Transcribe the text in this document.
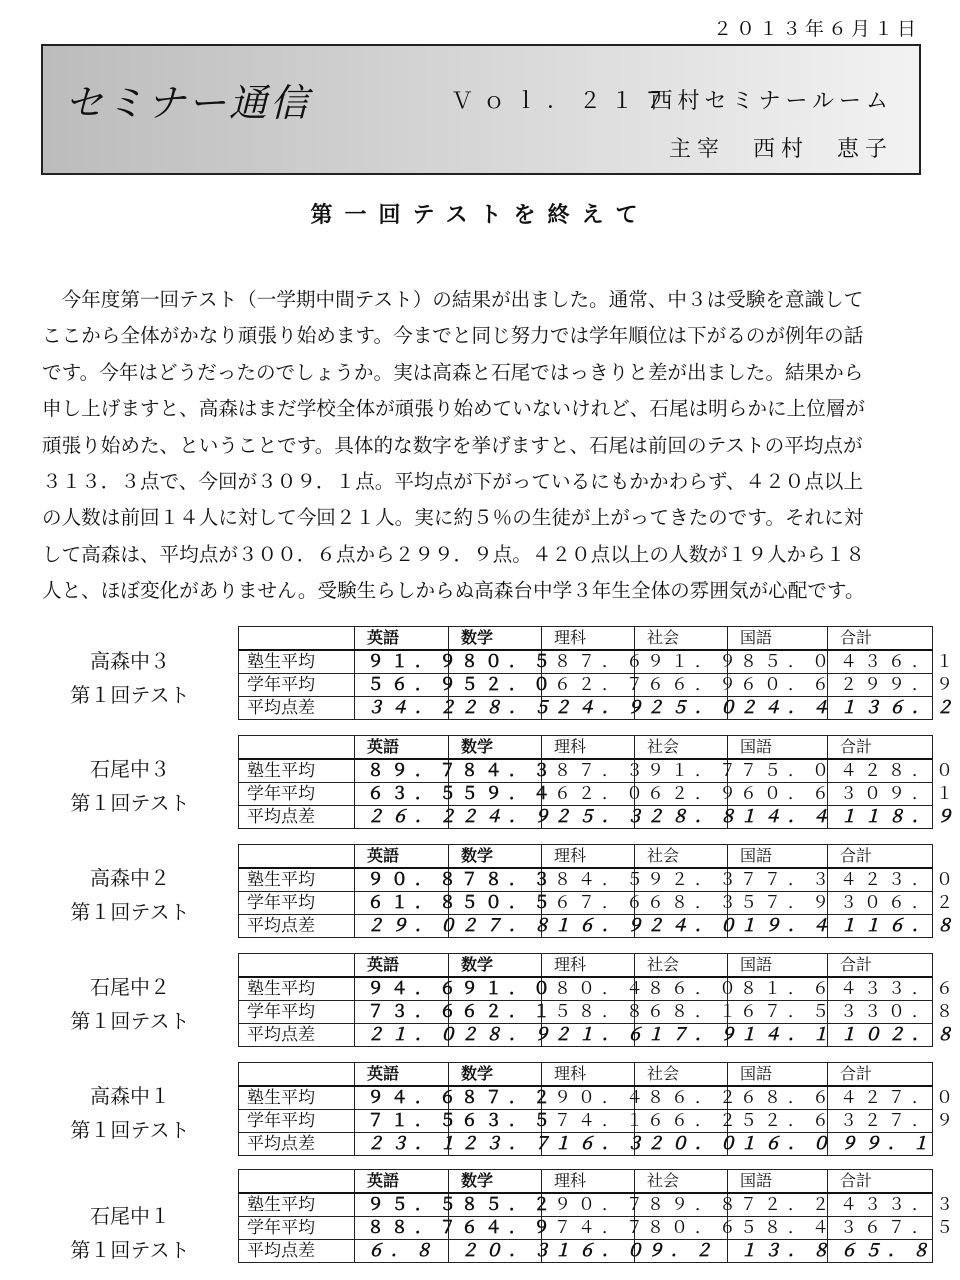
２０１３年６月１日
セミナー通信	Ｖｏｌ．２１７
西村セミナールーム
主宰　西村　恵子
第一回テストを終えて
　今年度第一回テスト（一学期中間テスト）の結果が出ました。通常、中３は受験を意識して
ここから全体がかなり頑張り始めます。今までと同じ努力では学年順位は下がるのが例年の話
です。今年はどうだったのでしょうか。実は高森と石尾ではっきりと差が出ました。結果から
申し上げますと、高森はまだ学校全体が頑張り始めていないけれど、石尾は明らかに上位層が
頑張り始めた、ということです。具体的な数字を挙げますと、石尾は前回のテストの平均点が
３１３．３点で、今回が３０９．１点。平均点が下がっているにもかかわらず、４２０点以上
の人数は前回１４人に対して今回２１人。実に約５％の生徒が上がってきたのです。それに対
して高森は、平均点が３００．６点から２９９．９点。４２０点以上の人数が１９人から１８
人と、ほぼ変化がありません。受験生らしからぬ高森台中学３年生全体の雰囲気が心配です。
高森中３
第１回テスト
	英語	数学	理科	社会	国語	合計
塾生平均	９１．９	８０．５	８７．６	９１．９	８５．０	４３６．１
学年平均	５６．９	５２．０	６２．７	６６．９	６０．６	２９９．９
平均点差	３４．２	２８．５	２４．９	２５．０	２４．４	１３６．２
石尾中３
第１回テスト
	英語	数学	理科	社会	国語	合計
塾生平均	８９．７	８４．３	８７．３	９１．７	７５．０	４２８．０
学年平均	６３．５	５９．４	６２．０	６２．９	６０．６	３０９．１
平均点差	２６．２	２４．９	２５．３	２８．８	１４．４	１１８．９
高森中２
第１回テスト
	英語	数学	理科	社会	国語	合計
塾生平均	９０．８	７８．３	８４．５	９２．３	７７．３	４２３．０
学年平均	６１．８	５０．５	６７．６	６８．３	５７．９	３０６．２
平均点差	２９．０	２７．８	１６．９	２４．０	１９．４	１１６．８
石尾中２
第１回テスト
	英語	数学	理科	社会	国語	合計
塾生平均	９４．６	９１．０	８０．４	８６．０	８１．６	４３３．６
学年平均	７３．６	６２．１	５８．８	６８．１	６７．５	３３０．８
平均点差	２１．０	２８．９	２１．６	１７．９	１４．１	１０２．８
高森中１
第１回テスト
	英語	数学	理科	社会	国語	合計
塾生平均	９４．６	８７．２	９０．４	８６．２	６８．６	４２７．０
学年平均	７１．５	６３．５	７４．１	６６．２	５２．６	３２７．９
平均点差	２３．１	２３．７	１６．３	２０．０	１６．０	９９．１
石尾中１
第１回テスト
	英語	数学	理科	社会	国語	合計
塾生平均	９５．５	８５．２	９０．７	８９．８	７２．２	４３３．３
学年平均	８８．７	６４．９	７４．７	８０．６	５８．４	３６７．５
平均点差	６．８	２０．３	１６．０	９．２	１３．８	６５．８
